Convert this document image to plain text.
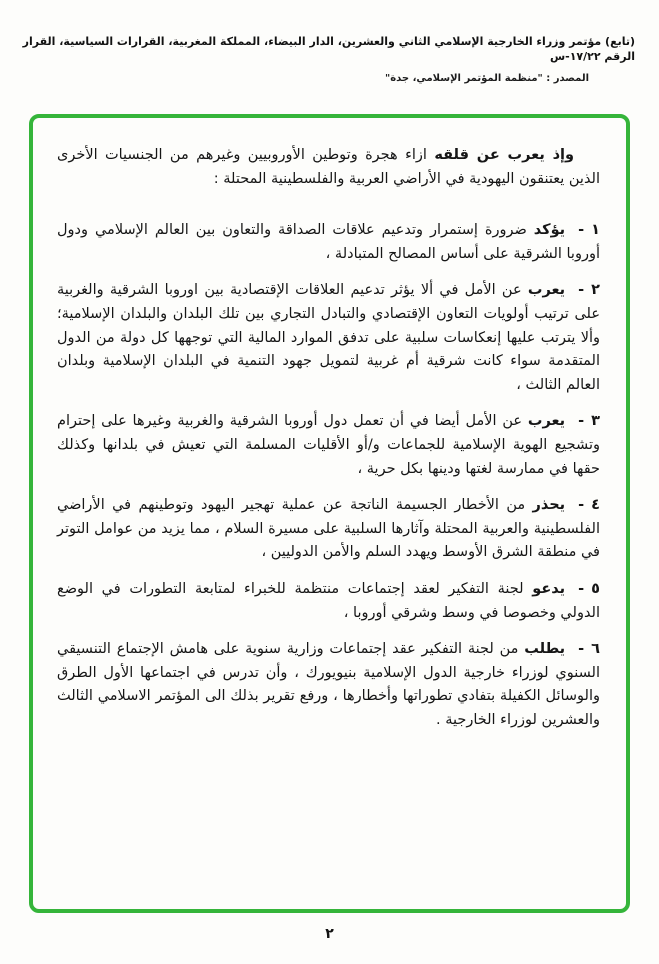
(تابع) مؤتمر وزراء الخارجية الإسلامي الثاني والعشرين، الدار البيضاء، المملكة المغربية، القرارات السياسية، القرار الرقم ١٧/٢٢-س
المصدر : "منظمة المؤتمر الإسلامي، جدة"

وإذ يعرب عن قلقه ازاء هجرة وتوطين الأوروبيين وغيرهم من الجنسيات الأخرى الذين يعتنقون اليهودية في الأراضي العربية والفلسطينية المحتلة :

١-يؤكد ضرورة إستمرار وتدعيم علاقات الصداقة والتعاون بين العالم الإسلامي ودول أوروبا الشرقية على أساس المصالح المتبادلة ،

٢-يعرب عن الأمل في ألا يؤثر تدعيم العلاقات الإقتصادية بين اوروبا الشرقية والغربية على ترتيب أولويات التعاون الإقتصادي والتبادل التجاري بين تلك البلدان والبلدان الإسلامية؛ وألا يترتب عليها إنعكاسات سلبية على تدفق الموارد المالية التي توجهها كل دولة من الدول المتقدمة سواء كانت شرقية أم غربية لتمويل جهود التنمية في البلدان الإسلامية وبلدان العالم الثالث ،

٣-يعرب عن الأمل أيضا في أن تعمل دول أوروبا الشرقية والغربية وغيرها على إحترام وتشجيع الهوية الإسلامية للجماعات و/أو الأقليات المسلمة التي تعيش في بلدانها وكذلك حقها في ممارسة لغتها ودينها بكل حرية ،

٤-يحذر من الأخطار الجسيمة الناتجة عن عملية تهجير اليهود وتوطينهم في الأراضي الفلسطينية والعربية المحتلة وآثارها السلبية على مسيرة السلام ، مما يزيد من عوامل التوتر في منطقة الشرق الأوسط ويهدد السلم والأمن الدوليين ،

٥-يدعو لجنة التفكير لعقد إجتماعات منتظمة للخبراء لمتابعة التطورات في الوضع الدولي وخصوصا في وسط وشرقي أوروبا ،

٦-يطلب من لجنة التفكير عقد إجتماعات وزارية سنوية على هامش الإجتماع التنسيقي السنوي لوزراء خارجية الدول الإسلامية بنيويورك ، وأن تدرس في اجتماعها الأول الطرق والوسائل الكفيلة بتفادي تطوراتها وأخطارها ، ورفع تقرير بذلك الى المؤتمر الاسلامي الثالث والعشرين لوزراء الخارجية .

٢
